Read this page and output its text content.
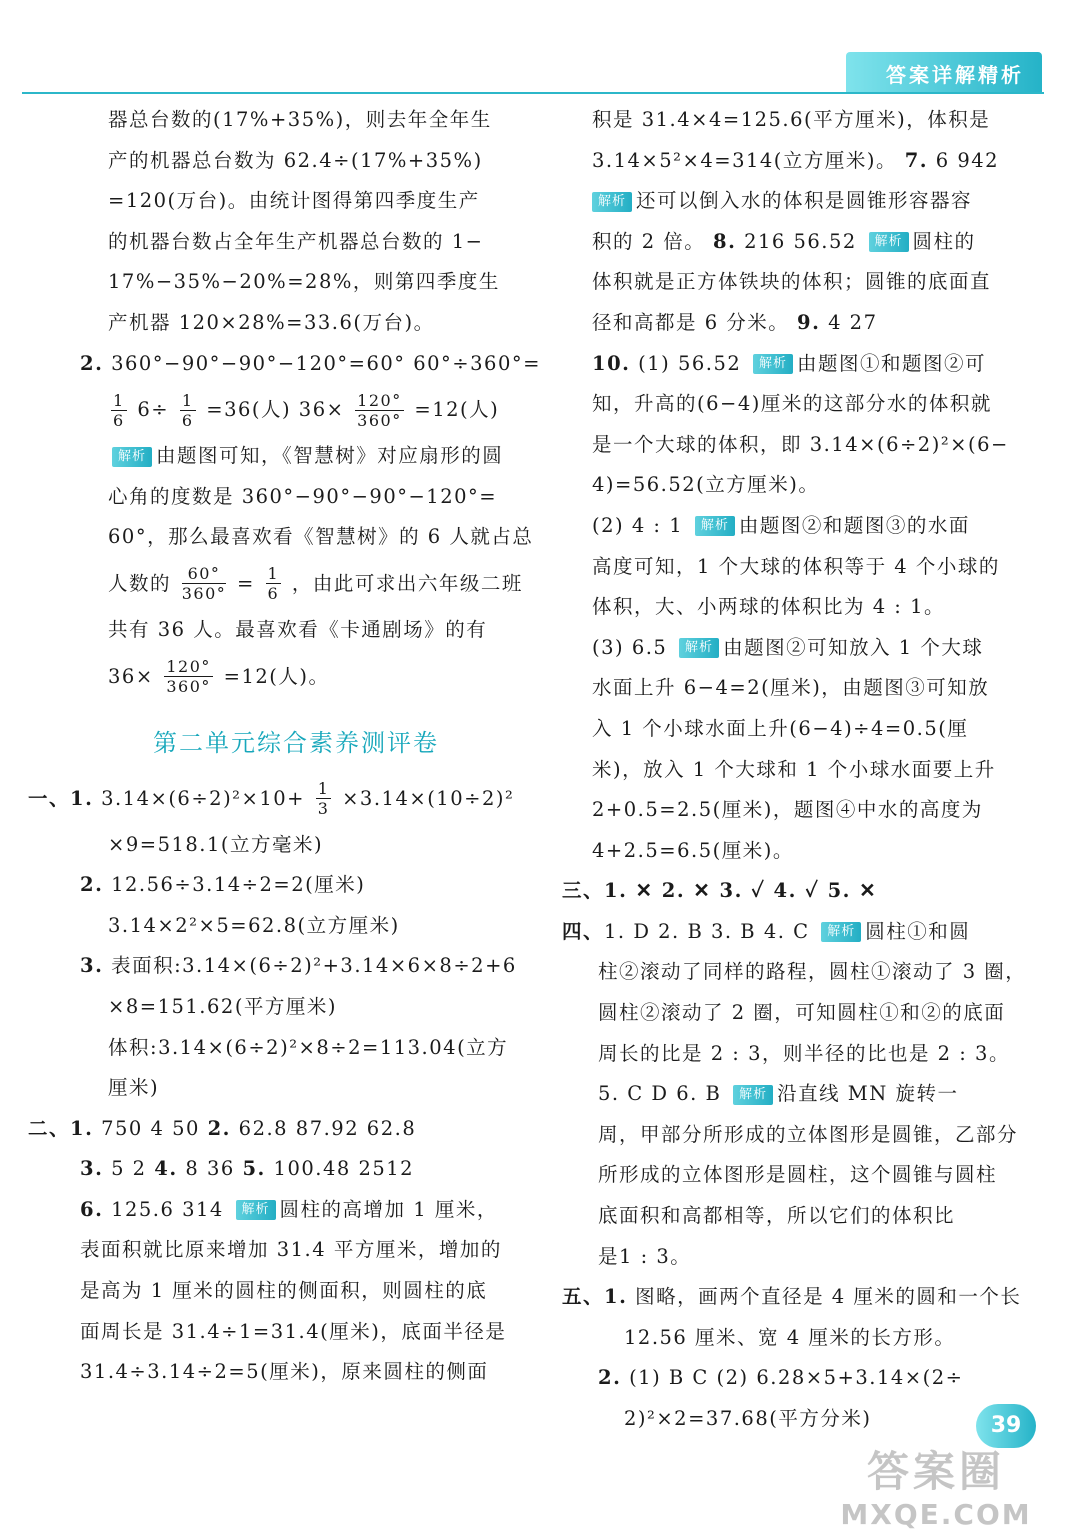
答案详解精析
器总台数的(17%+35%)，则去年全年生
产的机器总台数为 62.4÷(17%+35%)
=120(万台)。由统计图得第四季度生产
的机器台数占全年生产机器总台数的 1−
17%−35%−20%=28%，则第四季度生
产机器 120×28%=33.6(万台)。
2. 360°−90°−90°−120°=60° 60°÷360°=
$\frac{1}{6} 6\div \frac{1}{6} =36$(人) $36\times \frac{120^\circ}{360^\circ} =12$(人)
解析 由题图可知，《智慧树》对应扇形的圆
心角的度数是 360°−90°−90°−120°=
60°，那么最喜欢看《智慧树》的 6 人就占总
人数的 $\frac{60^\circ}{360^\circ} = \frac{1}{6}$ ，由此可求出六年级二班
共有 36 人。最喜欢看《卡通剧场》的有
$36\times \frac{120^\circ}{360^\circ} =12$(人)。
第二单元综合素养测评卷
一、1. $3.14\times(6\div 2)^2\times 10+ \frac{1}{3} \times 3.14\times(10\div 2)^2$
×9=518.1(立方毫米)
2. 12.56÷3.14÷2=2(厘米)
3.14×2²×5=62.8(立方厘米)
3. 表面积:3.14×(6÷2)²+3.14×6×8÷2+6
×8=151.62(平方厘米)
体积:3.14×(6÷2)²×8÷2=113.04(立方
厘米)
二、1. 750 4 50 2. 62.8 87.92 62.8
3. 5 2 4. 8 36 5. 100.48 2512
6. 125.6 314 解析 圆柱的高增加 1 厘米，
表面积就比原来增加 31.4 平方厘米，增加的
是高为 1 厘米的圆柱的侧面积，则圆柱的底
面周长是 31.4÷1=31.4(厘米)，底面半径是
31.4÷3.14÷2=5(厘米)，原来圆柱的侧面
积是 31.4×4=125.6(平方厘米)，体积是
3.14×5²×4=314(立方厘米)。 7. 6 942
解析 还可以倒入水的体积是圆锥形容器容
积的 2 倍。 8. 216 56.52 解析 圆柱的
体积就是正方体铁块的体积；圆锥的底面直
径和高都是 6 分米。 9. 4 27
10. (1) 56.52 解析 由题图①和题图②可
知，升高的(6−4)厘米的这部分水的体积就
是一个大球的体积，即 3.14×(6÷2)²×(6−
4)=56.52(立方厘米)。
(2) 4 : 1 解析 由题图②和题图③的水面
高度可知，1 个大球的体积等于 4 个小球的
体积，大、小两球的体积比为 4 : 1。
(3) 6.5 解析 由题图②可知放入 1 个大球
水面上升 6−4=2(厘米)，由题图③可知放
入 1 个小球水面上升(6−4)÷4=0.5(厘
米)，放入 1 个大球和 1 个小球水面要上升
2+0.5=2.5(厘米)，题图④中水的高度为
4+2.5=6.5(厘米)。
三、1. ✕ 2. ✕ 3. ✓ 4. ✓ 5. ✕
四、1. D 2. B 3. B 4. C 解析 圆柱①和圆
柱②滚动了同样的路程，圆柱①滚动了 3 圈，
圆柱②滚动了 2 圈，可知圆柱①和②的底面
周长的比是 2 : 3，则半径的比也是 2 : 3。
5. C D 6. B 解析 沿直线 MN 旋转一
周，甲部分所形成的立体图形是圆锥，乙部分
所形成的立体图形是圆柱，这个圆锥与圆柱
底面积和高都相等，所以它们的体积比
是1 : 3。
五、1. 图略，画两个直径是 4 厘米的圆和一个长
12.56 厘米、宽 4 厘米的长方形。
2. (1) B C (2) 6.28×5+3.14×(2÷
2)²×2=37.68(平方分米)
答案圈
MXQE.COM
39
